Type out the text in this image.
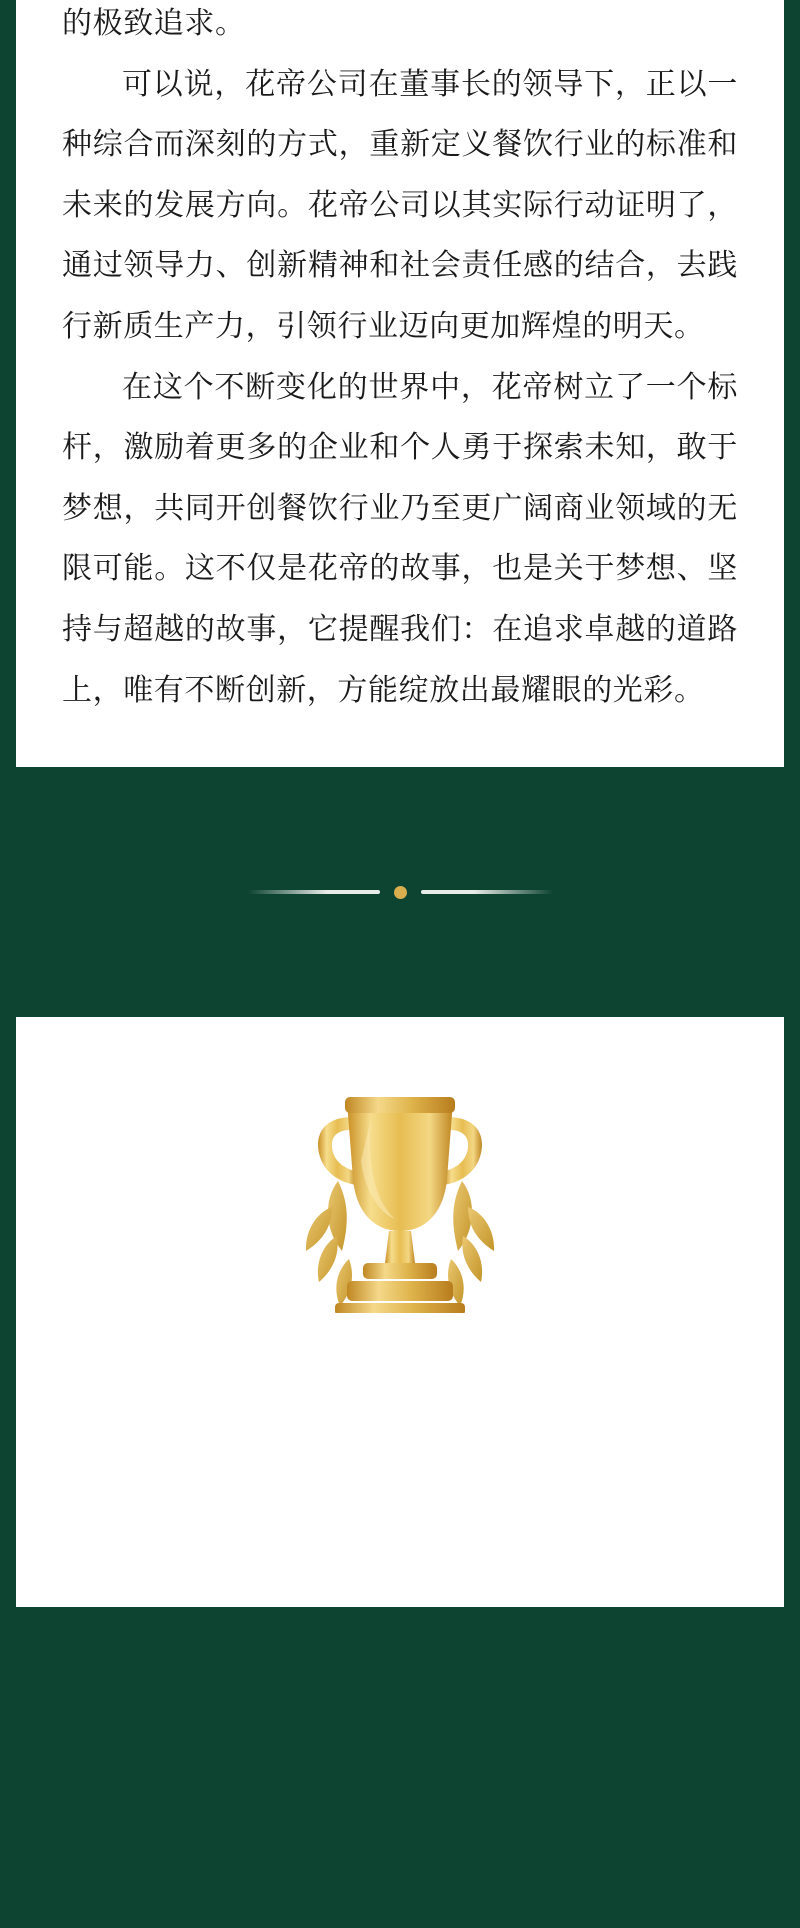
的极致追求。

可以说，花帝公司在董事长的领导下，正以一种综合而深刻的方式，重新定义餐饮行业的标准和未来的发展方向。花帝公司以其实际行动证明了，通过领导力、创新精神和社会责任感的结合，去践行新质生产力，引领行业迈向更加辉煌的明天。

在这个不断变化的世界中，花帝树立了一个标杆，激励着更多的企业和个人勇于探索未知，敢于梦想，共同开创餐饮行业乃至更广阔商业领域的无限可能。这不仅是花帝的故事，也是关于梦想、坚持与超越的故事，它提醒我们：在追求卓越的道路上，唯有不断创新，方能绽放出最耀眼的光彩。
